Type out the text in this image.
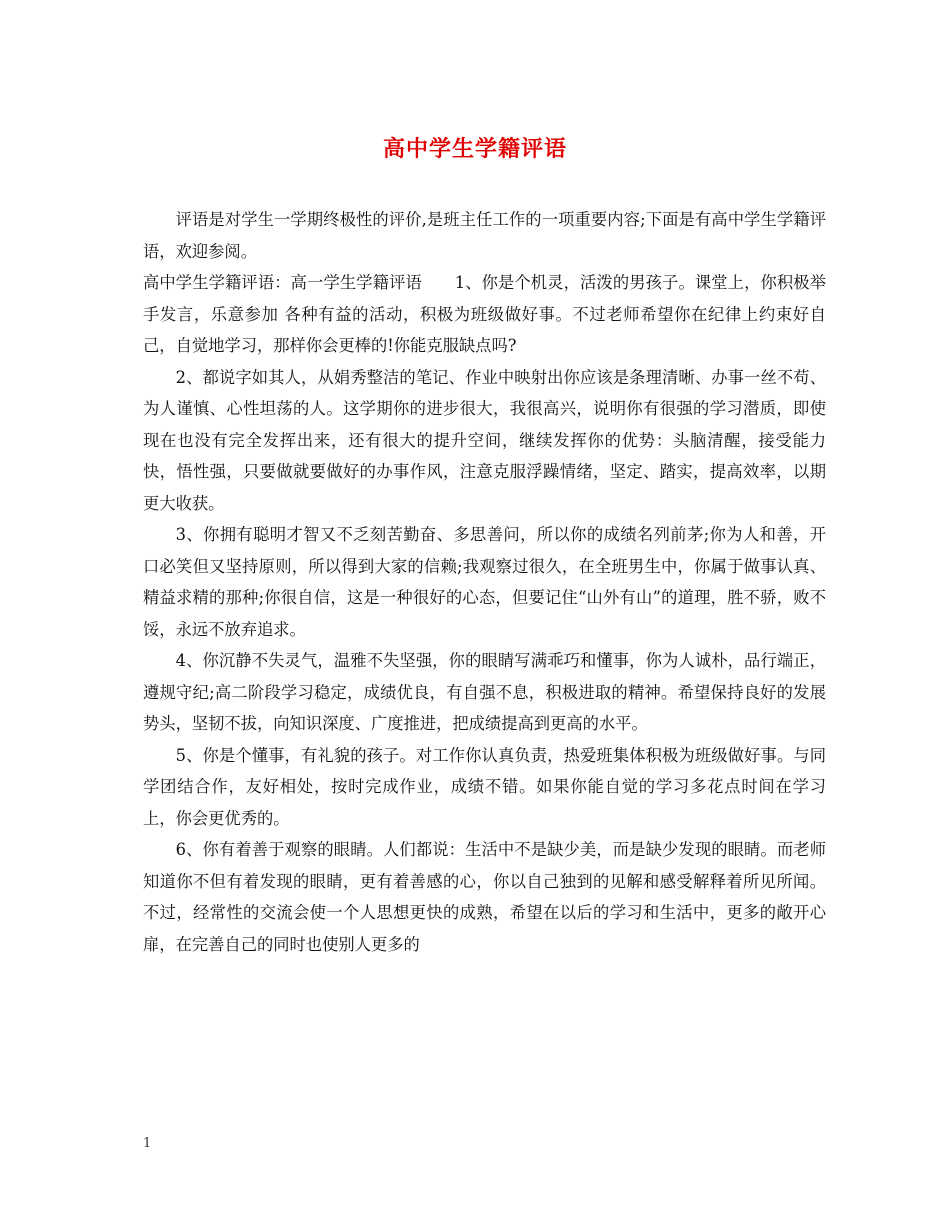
高中学生学籍评语

评语是对学生一学期终极性的评价,是班主任工作的一项重要内容;下面是有高中学生学籍评语，欢迎参阅。

高中学生学籍评语：高一学生学籍评语　　1、你是个机灵，活泼的男孩子。课堂上，你积极举手发言，乐意参加 各种有益的活动，积极为班级做好事。不过老师希望你在纪律上约束好自己，自觉地学习，那样你会更棒的!你能克服缺点吗?

2、都说字如其人，从娟秀整洁的笔记、作业中映射出你应该是条理清晰、办事一丝不苟、为人谨慎、心性坦荡的人。这学期你的进步很大，我很高兴，说明你有很强的学习潜质，即使现在也没有完全发挥出来，还有很大的提升空间，继续发挥你的优势：头脑清醒，接受能力快，悟性强，只要做就要做好的办事作风，注意克服浮躁情绪，坚定、踏实，提高效率，以期更大收获。

3、你拥有聪明才智又不乏刻苦勤奋、多思善问，所以你的成绩名列前茅;你为人和善，开口必笑但又坚持原则，所以得到大家的信赖;我观察过很久，在全班男生中，你属于做事认真、精益求精的那种;你很自信，这是一种很好的心态，但要记住“山外有山”的道理，胜不骄，败不馁，永远不放弃追求。

4、你沉静不失灵气，温雅不失坚强，你的眼睛写满乖巧和懂事，你为人诚朴，品行端正，遵规守纪;高二阶段学习稳定，成绩优良，有自强不息，积极进取的精神。希望保持良好的发展势头，坚韧不拔，向知识深度、广度推进，把成绩提高到更高的水平。

5、你是个懂事，有礼貌的孩子。对工作你认真负责，热爱班集体积极为班级做好事。与同学团结合作，友好相处，按时完成作业，成绩不错。如果你能自觉的学习多花点时间在学习上，你会更优秀的。

6、你有着善于观察的眼睛。人们都说：生活中不是缺少美，而是缺少发现的眼睛。而老师知道你不但有着发现的眼睛，更有着善感的心，你以自己独到的见解和感受解释着所见所闻。不过，经常性的交流会使一个人思想更快的成熟，希望在以后的学习和生活中，更多的敞开心扉，在完善自己的同时也使别人更多的

1
